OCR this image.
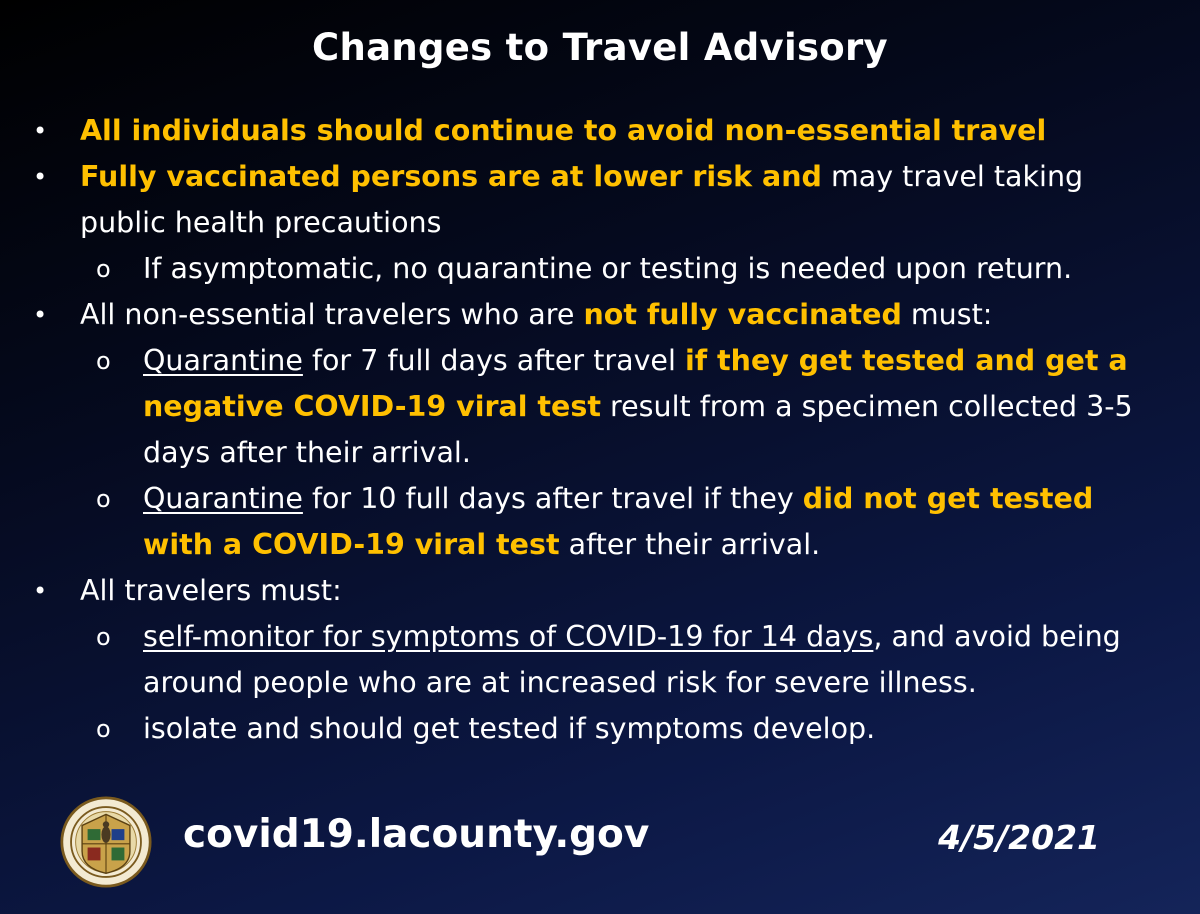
Changes to Travel Advisory
• All individuals should continue to avoid non-essential travel
• Fully vaccinated persons are at lower risk and may travel taking public health precautions
o If asymptomatic, no quarantine or testing is needed upon return.
• All non-essential travelers who are not fully vaccinated must:
o Quarantine for 7 full days after travel if they get tested and get a negative COVID-19 viral test result from a specimen collected 3-5 days after their arrival.
o Quarantine for 10 full days after travel if they did not get tested with a COVID-19 viral test after their arrival.
• All travelers must:
o self-monitor for symptoms of COVID-19 for 14 days, and avoid being around people who are at increased risk for severe illness.
o isolate and should get tested if symptoms develop.
covid19.lacounty.gov	4/5/2021
